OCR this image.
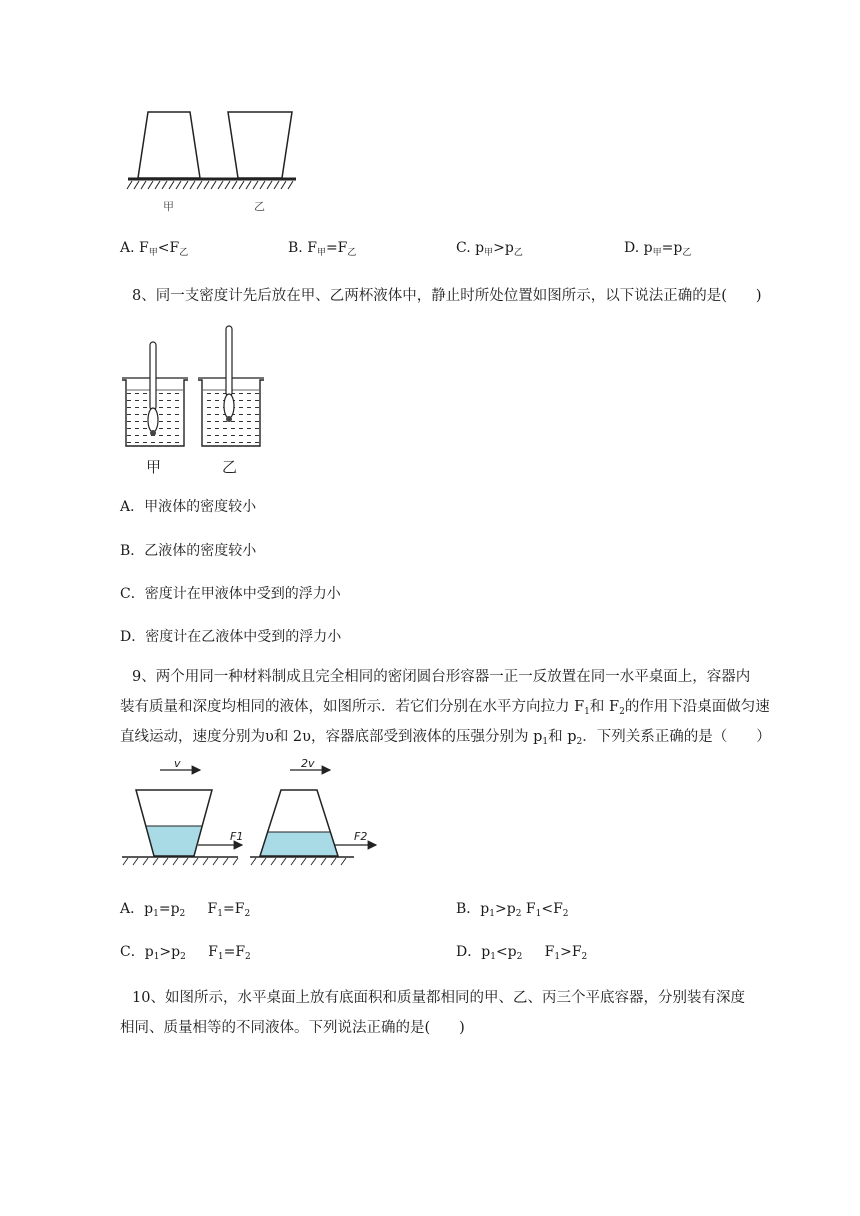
甲	乙
A. $F_甲<F_乙$	B. $F_甲=F_乙$	C. $p_甲>p_乙$	D. $p_甲=p_乙$
8、同一支密度计先后放在甲、乙两杯液体中，静止时所处位置如图所示，以下说法正确的是(　　)
甲	乙
A．甲液体的密度较小
B．乙液体的密度较小
C．密度计在甲液体中受到的浮力小
D．密度计在乙液体中受到的浮力小
9、两个用同一种材料制成且完全相同的密闭圆台形容器一正一反放置在同一水平桌面上，容器内
装有质量和深度均相同的液体，如图所示．若它们分别在水平方向拉力 $F_1$和 $F_2$的作用下沿桌面做匀速
直线运动，速度分别为υ和 2υ，容器底部受到液体的压强分别为 $p_1$和 $p_2$．下列关系正确的是（　　）
v	2v
F1	F2
A．$p_1=p_2$ $F_1=F_2$	B．$p_1>p_2$ $F_1<F_2$
C．$p_1>p_2$ $F_1=F_2$	D．$p_1<p_2$ $F_1>F_2$
10、如图所示，水平桌面上放有底面积和质量都相同的甲、乙、丙三个平底容器，分别装有深度
相同、质量相等的不同液体。下列说法正确的是(　　)
